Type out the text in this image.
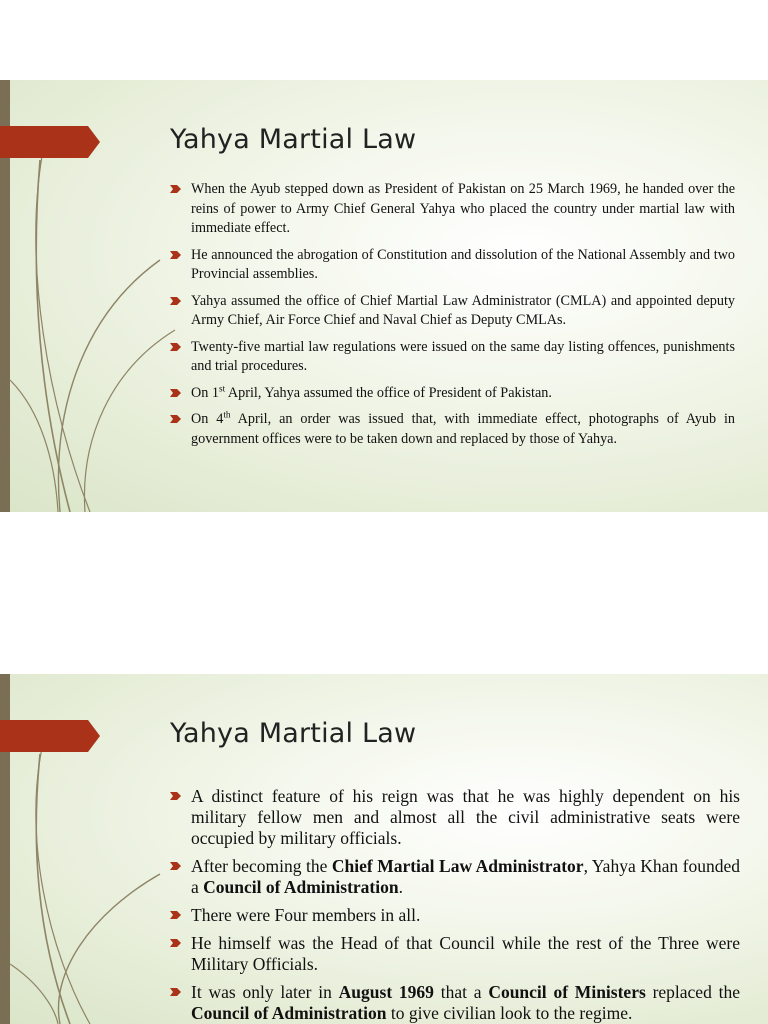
Yahya Martial Law
When the Ayub stepped down as President of Pakistan on 25 March 1969, he handed over the reins of power to Army Chief General Yahya who placed the country under martial law with immediate effect.
He announced the abrogation of Constitution and dissolution of the National Assembly and two Provincial assemblies.
Yahya assumed the office of Chief Martial Law Administrator (CMLA) and appointed deputy Army Chief, Air Force Chief and Naval Chief as Deputy CMLAs.
Twenty-five martial law regulations were issued on the same day listing offences, punishments and trial procedures.
On 1st April, Yahya assumed the office of President of Pakistan.
On 4th April, an order was issued that, with immediate effect, photographs of Ayub in government offices were to be taken down and replaced by those of Yahya.
Yahya Martial Law
A distinct feature of his reign was that he was highly dependent on his military fellow men and almost all the civil administrative seats were occupied by military officials.
After becoming the Chief Martial Law Administrator, Yahya Khan founded a Council of Administration.
There were Four members in all.
He himself was the Head of that Council while the rest of the Three were Military Officials.
It was only later in August 1969 that a Council of Ministers replaced the Council of Administration to give civilian look to the regime.
